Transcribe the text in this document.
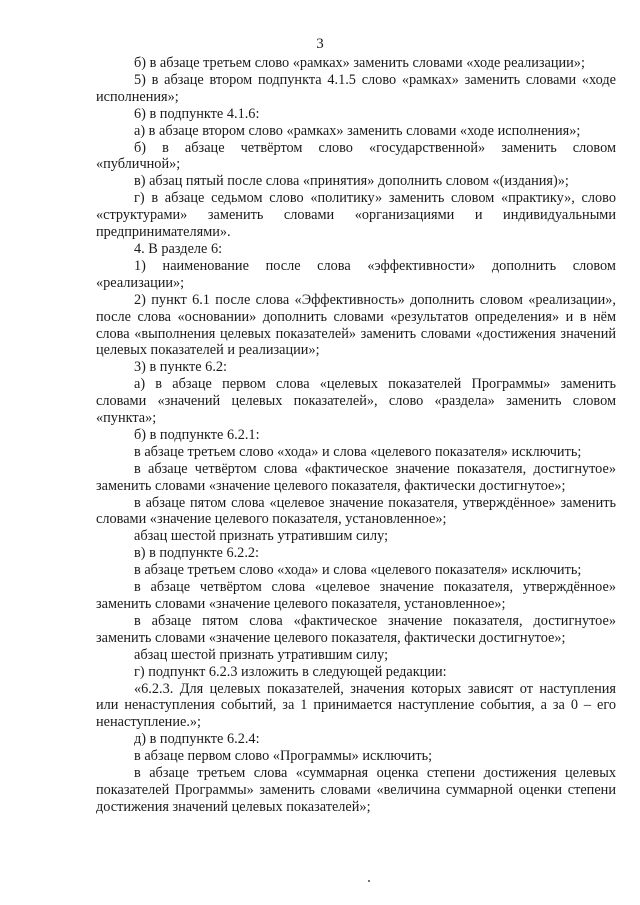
3

б) в абзаце третьем слово «рамках» заменить словами «ходе реализации»;

5) в абзаце втором подпункта 4.1.5 слово «рамках» заменить словами «ходе исполнения»;

6) в подпункте 4.1.6:

а) в абзаце втором слово «рамках» заменить словами «ходе исполнения»;

б) в абзаце четвёртом слово «государственной» заменить словом «публичной»;

в) абзац пятый после слова «принятия» дополнить словом «(издания)»;

г) в абзаце седьмом слово «политику» заменить словом «практику», слово «структурами» заменить словами «организациями и индивидуальными предпринимателями».

4. В разделе 6:

1) наименование после слова «эффективности» дополнить словом «реализации»;

2) пункт 6.1 после слова «Эффективность» дополнить словом «реализации», после слова «основании» дополнить словами «результатов определения» и в нём слова «выполнения целевых показателей» заменить словами «достижения значений целевых показателей и реализации»;

3) в пункте 6.2:

а) в абзаце первом слова «целевых показателей Программы» заменить словами «значений целевых показателей», слово «раздела» заменить словом «пункта»;

б) в подпункте 6.2.1:

в абзаце третьем слово «хода» и слова «целевого показателя» исключить;

в абзаце четвёртом слова «фактическое значение показателя, достигнутое» заменить словами «значение целевого показателя, фактически достигнутое»;

в абзаце пятом слова «целевое значение показателя, утверждённое» заменить словами «значение целевого показателя, установленное»;

абзац шестой признать утратившим силу;

в) в подпункте 6.2.2:

в абзаце третьем слово «хода» и слова «целевого показателя» исключить;

в абзаце четвёртом слова «целевое значение показателя, утверждённое» заменить словами «значение целевого показателя, установленное»;

в абзаце пятом слова «фактическое значение показателя, достигнутое» заменить словами «значение целевого показателя, фактически достигнутое»;

абзац шестой признать утратившим силу;

г) подпункт 6.2.3 изложить в следующей редакции:

«6.2.3. Для целевых показателей, значения которых зависят от наступления или ненаступления событий, за 1 принимается наступление события, а за 0 – его ненаступление.»;

д) в подпункте 6.2.4:

в абзаце первом слово «Программы» исключить;

в абзаце третьем слова «суммарная оценка степени достижения целевых показателей Программы» заменить словами «величина суммарной оценки степени достижения значений целевых показателей»;
